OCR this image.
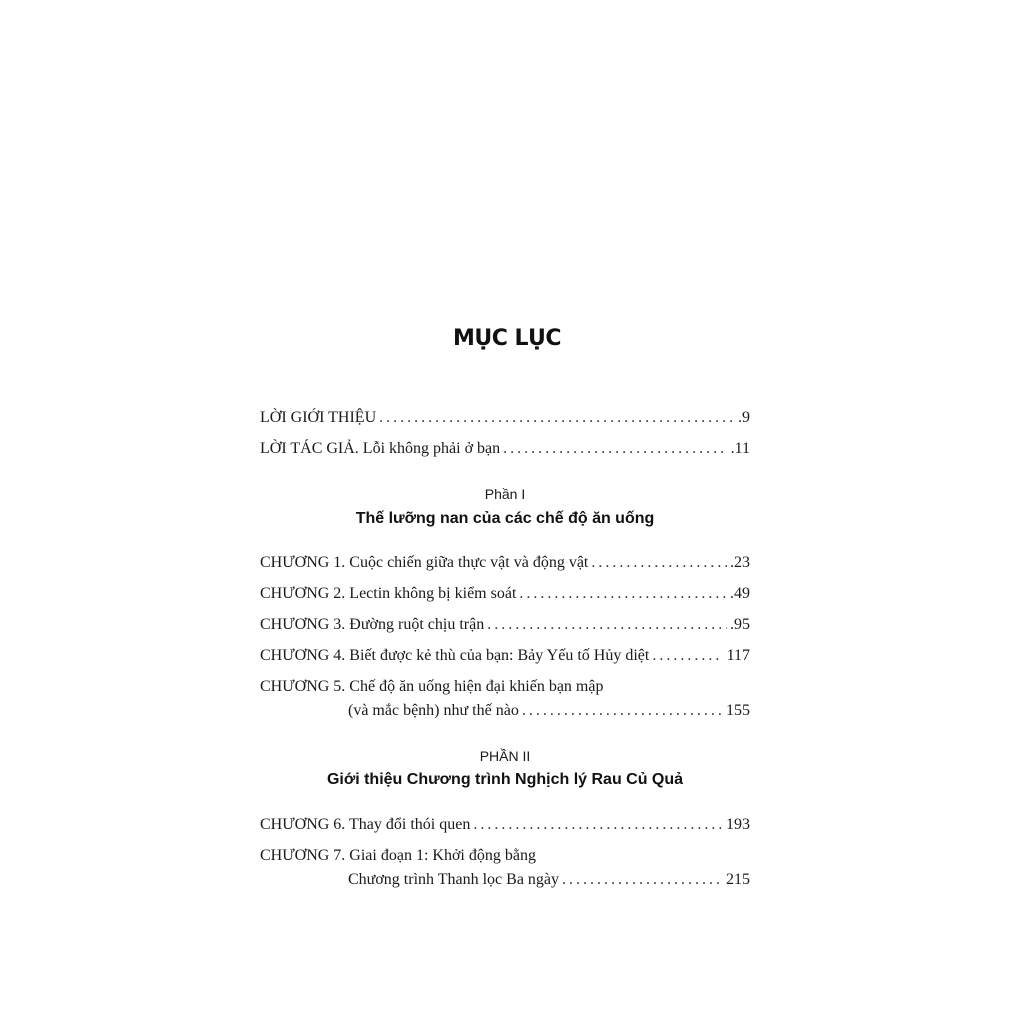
MỤC LỤC
LỜI GIỚI THIỆU . . .	.9
LỜI TÁC GIẢ. Lỗi không phải ở bạn . . .	.11
Phần I
Thế lưỡng nan của các chế độ ăn uống
CHƯƠNG 1. Cuộc chiến giữa thực vật và động vật . . .	.23
CHƯƠNG 2. Lectin không bị kiểm soát . . .	.49
CHƯƠNG 3. Đường ruột chịu trận . . .	.95
CHƯƠNG 4. Biết được kẻ thù của bạn: Bảy Yếu tố Hủy diệt . . .	117
CHƯƠNG 5. Chế độ ăn uống hiện đại khiến bạn mập
(và mắc bệnh) như thế nào . . .	155
PHẦN II
Giới thiệu Chương trình Nghịch lý Rau Củ Quả
CHƯƠNG 6. Thay đổi thói quen . . .	193
CHƯƠNG 7. Giai đoạn 1: Khởi động bằng
Chương trình Thanh lọc Ba ngày . . .	215
